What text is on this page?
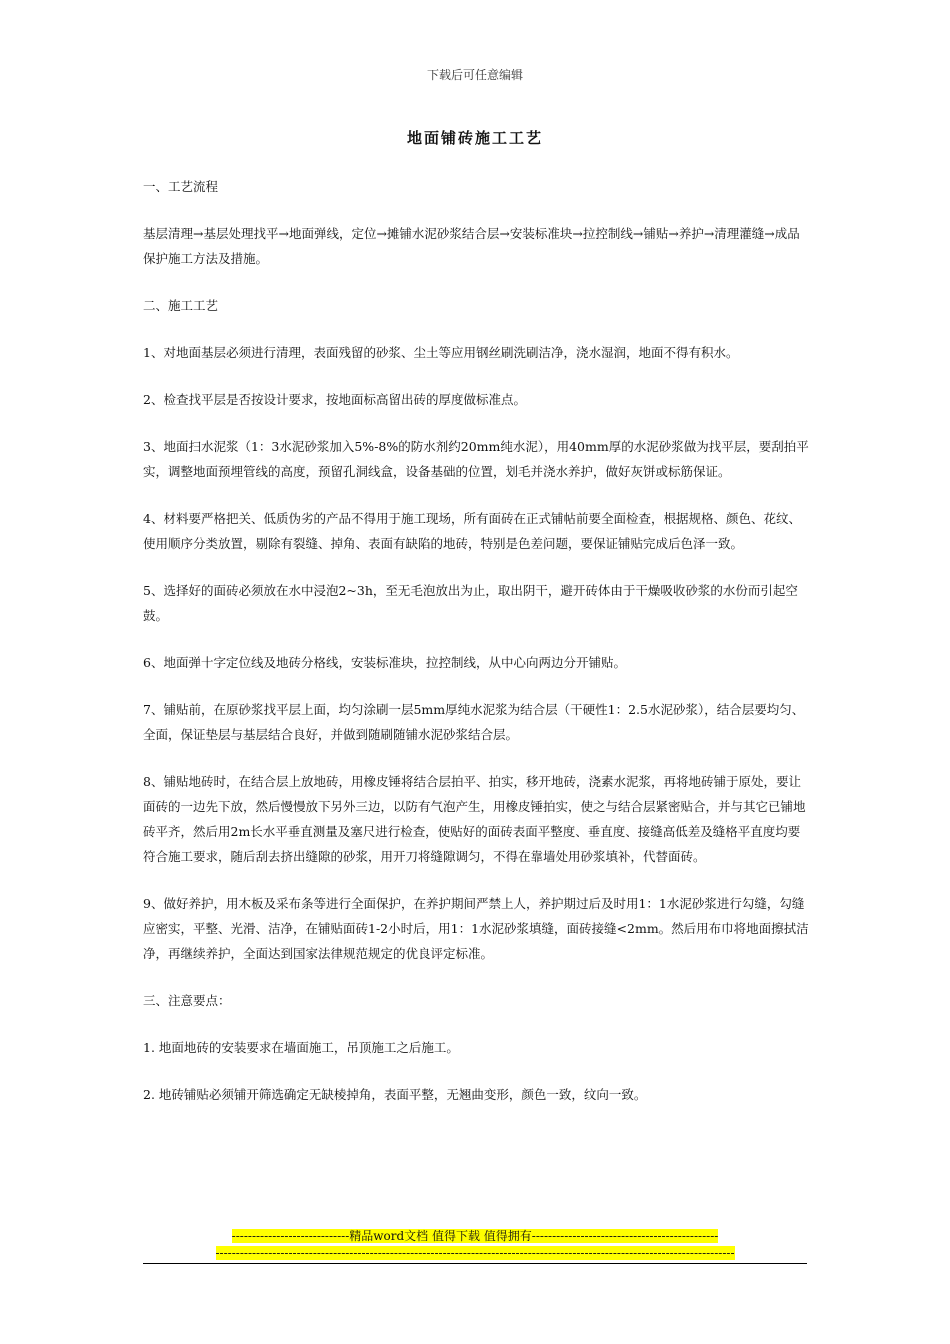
下载后可任意编辑
地面铺砖施工工艺

一、工艺流程

基层清理→基层处理找平→地面弹线，定位→摊铺水泥砂浆结合层→安装标准块→拉控制线→铺贴→养护→清理灌缝→成品保护施工方法及措施。

二、施工工艺

1、对地面基层必须进行清理，表面残留的砂浆、尘土等应用钢丝刷洗刷洁净，浇水湿润，地面不得有积水。

2、检查找平层是否按设计要求，按地面标高留出砖的厚度做标准点。

3、地面扫水泥浆（1：3水泥砂浆加入5%-8%的防水剂约20mm纯水泥），用40mm厚的水泥砂浆做为找平层，要刮拍平实，调整地面预埋管线的高度，预留孔洞线盒，设备基础的位置，划毛并浇水养护，做好灰饼或标筋保证。

4、材料要严格把关、低质伪劣的产品不得用于施工现场，所有面砖在正式铺帖前要全面检查，根据规格、颜色、花纹、使用顺序分类放置，剔除有裂缝、掉角、表面有缺陷的地砖，特别是色差问题，要保证铺贴完成后色泽一致。

5、选择好的面砖必须放在水中浸泡2~3h，至无毛泡放出为止，取出阴干，避开砖体由于干燥吸收砂浆的水份而引起空鼓。

6、地面弹十字定位线及地砖分格线，安装标准块，拉控制线，从中心向两边分开铺贴。

7、铺贴前，在原砂浆找平层上面，均匀涂刷一层5mm厚纯水泥浆为结合层（干硬性1：2.5水泥砂浆），结合层要均匀、全面，保证垫层与基层结合良好，并做到随刷随铺水泥砂浆结合层。

8、铺贴地砖时，在结合层上放地砖，用橡皮锤将结合层拍平、拍实，移开地砖，浇素水泥浆，再将地砖铺于原处，要让面砖的一边先下放，然后慢慢放下另外三边，以防有气泡产生，用橡皮锤拍实，使之与结合层紧密贴合，并与其它已铺地砖平齐，然后用2m长水平垂直测量及塞尺进行检查，使贴好的面砖表面平整度、垂直度、接缝高低差及缝格平直度均要符合施工要求，随后刮去挤出缝隙的砂浆，用开刀将缝隙调匀，不得在靠墙处用砂浆填补，代替面砖。

9、做好养护，用木板及采布条等进行全面保护，在养护期间严禁上人，养护期过后及时用1：1水泥砂浆进行勾缝，勾缝应密实，平整、光滑、洁净，在铺贴面砖1-2小时后，用1：1水泥砂浆填缝，面砖接缝<2mm。然后用布巾将地面擦拭洁净，再继续养护，全面达到国家法律规范规定的优良评定标准。

三、注意要点：

1. 地面地砖的安装要求在墙面施工，吊顶施工之后施工。

2. 地砖铺贴必须铺开筛选确定无缺棱掉角，表面平整，无翘曲变形，颜色一致，纹向一致。

-----------------------------精品word文档 值得下载 值得拥有----------------------------------------------
--------------------------------------------------------------------------------------------------------------------------------
